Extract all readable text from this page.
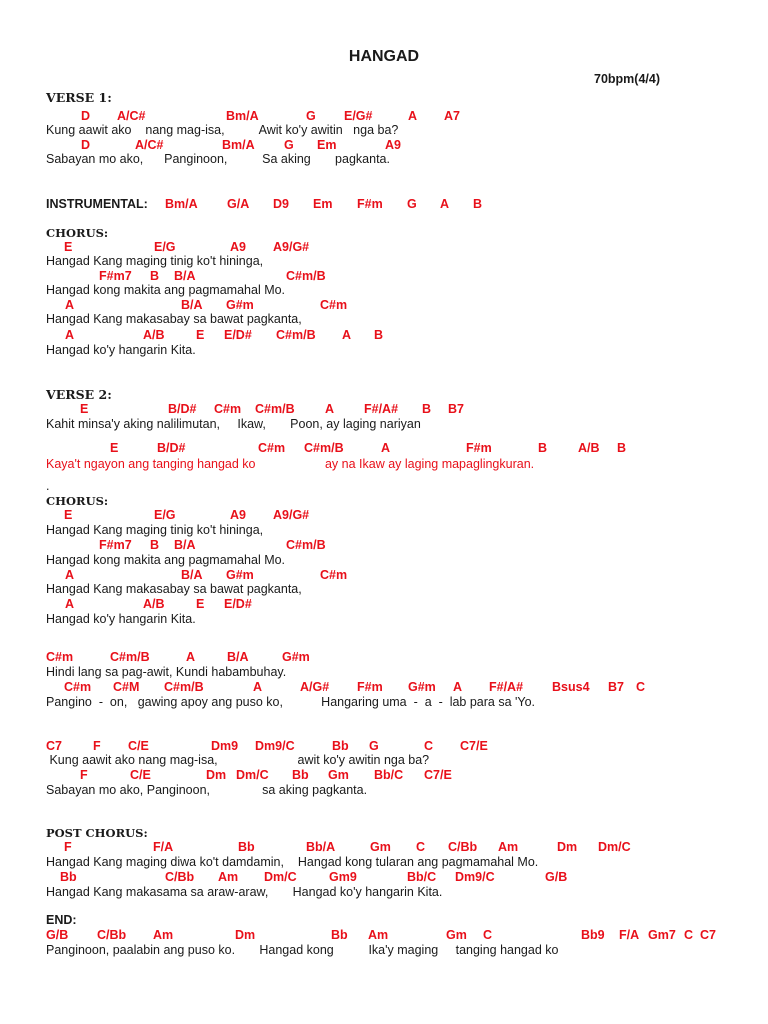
HANGAD
70bpm(4/4)
VERSE 1:
D A/C#	Bm/A	G E/G#	A A7
Kung aawit ako    nang mag-isa,          Awit ko'y awitin   nga ba?
D	A/C#	Bm/A G Em	A9
Sabayan mo ako,      Panginoon,          Sa aking       pagkanta.
INSTRUMENTAL: Bm/A G/A D9 Em F#m G A B
CHORUS:
E	E/G	A9 A9/G#
Hangad Kang maging tinig ko't hininga,
F#m7 B B/A	C#m/B
Hangad kong makita ang pagmamahal Mo.
A	B/A G#m	C#m
Hangad Kang makasabay sa bawat pagkanta,
A	A/B	E E/D# C#m/B A B
Hangad ko'y hangarin Kita.
VERSE 2:
E	B/D# C#m C#m/B A F#/A# B B7
Kahit minsa'y aking nalilimutan,     Ikaw,       Poon, ay laging nariyan
E	B/D#	C#m C#m/B	A	F#m	B A/B B
Kaya't ngayon ang tanging hangad ko                    ay na Ikaw ay laging mapaglingkuran.
.
CHORUS:
E	E/G	A9 A9/G#
Hangad Kang maging tinig ko't hininga,
F#m7 B B/A	C#m/B
Hangad kong makita ang pagmamahal Mo.
A	B/A G#m	C#m
Hangad Kang makasabay sa bawat pagkanta,
A	A/B	E E/D#
Hangad ko'y hangarin Kita.
C#m	C#m/B	A	B/A	G#m
Hindi lang sa pag-awit, Kundi habambuhay.
C#m C#M C#m/B	A	A/G# F#m G#m A F#/A# Bsus4 B7 C
Pangino  -  on,   gawing apoy ang puso ko,           Hangaring uma  -  a  -  lab para sa 'Yo.
C7 F C/E	Dm9 Dm9/C	Bb G	C C7/E
Kung aawit ako nang mag-isa,                       awit ko'y awitin nga ba?
F	C/E	Dm Dm/C Bb Gm Bb/C C7/E
Sabayan mo ako, Panginoon,               sa aking pagkanta.
POST CHORUS:
F	F/A	Bb	Bb/A	Gm C C/Bb Am	Dm Dm/C
Hangad Kang maging diwa ko't damdamin,    Hangad kong tularan ang pagmamahal Mo.
Bb	C/Bb Am Dm/C	Gm9	Bb/C Dm9/C	G/B
Hangad Kang makasama sa araw-araw,       Hangad ko'y hangarin Kita.
END:
G/B C/Bb Am	Dm	Bb Am	Gm C	Bb9 F/A Gm7 C C7
Panginoon, paalabin ang puso ko.       Hangad kong          Ika'y maging     tanging hangad ko
